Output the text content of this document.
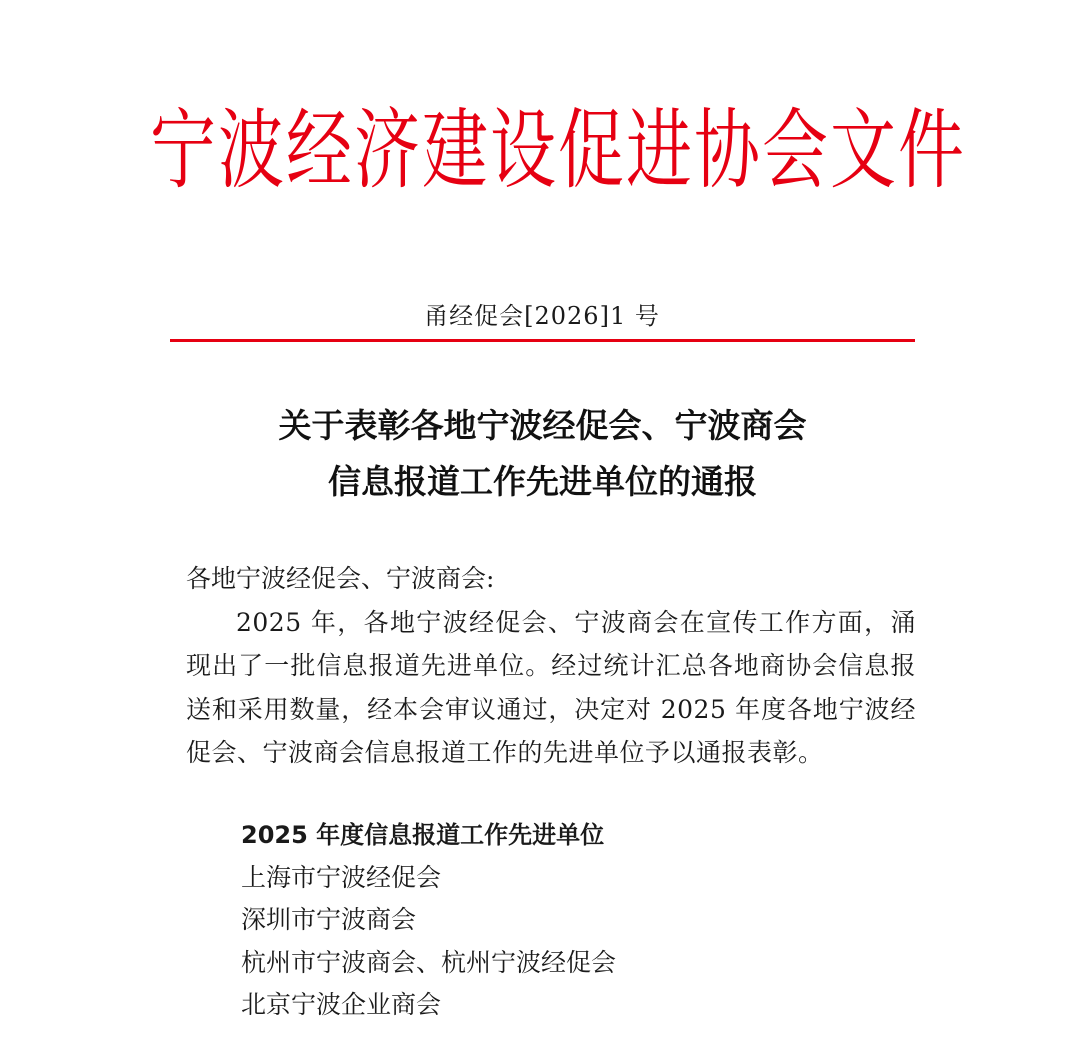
宁波经济建设促进协会文件
甬经促会[2026]1 号
关于表彰各地宁波经促会、宁波商会
信息报道工作先进单位的通报
各地宁波经促会、宁波商会:
2025 年，各地宁波经促会、宁波商会在宣传工作方面，涌现出了一批信息报道先进单位。经过统计汇总各地商协会信息报送和采用数量，经本会审议通过，决定对 2025 年度各地宁波经促会、宁波商会信息报道工作的先进单位予以通报表彰。
2025 年度信息报道工作先进单位
上海市宁波经促会
深圳市宁波商会
杭州市宁波商会、杭州宁波经促会
北京宁波企业商会
